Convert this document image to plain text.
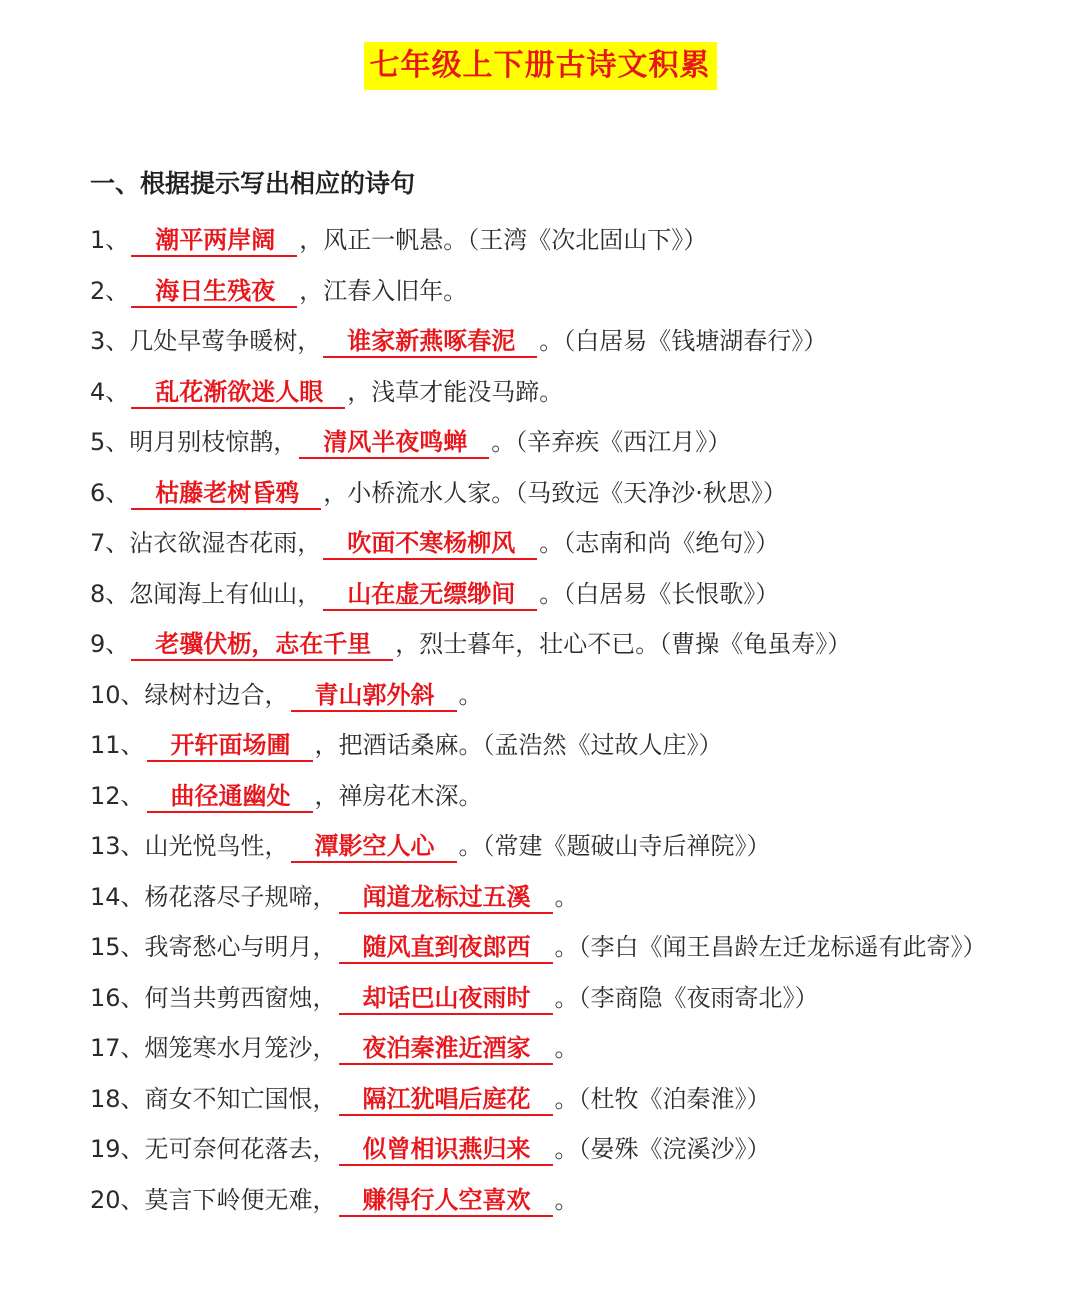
七年级上下册古诗文积累
一、根据提示写出相应的诗句
1、 潮平两岸阔 ，风正一帆悬。（王湾《次北固山下》）
2、 海日生残夜 ，江春入旧年。
3、几处早莺争暖树， 谁家新燕啄春泥 。（白居易《钱塘湖春行》）
4、 乱花渐欲迷人眼 ，浅草才能没马蹄。
5、明月别枝惊鹊， 清风半夜鸣蝉 。（辛弃疾《西江月》）
6、 枯藤老树昏鸦 ，小桥流水人家。（马致远《天净沙·秋思》）
7、沾衣欲湿杏花雨， 吹面不寒杨柳风 。（志南和尚《绝句》）
8、忽闻海上有仙山， 山在虚无缥缈间 。（白居易《长恨歌》）
9、 老骥伏枥，志在千里 ，烈士暮年，壮心不已。（曹操《龟虽寿》）
10、绿树村边合， 青山郭外斜 。
11、 开轩面场圃 ，把酒话桑麻。（孟浩然《过故人庄》）
12、 曲径通幽处 ，禅房花木深。
13、山光悦鸟性， 潭影空人心 。（常建《题破山寺后禅院》）
14、杨花落尽子规啼， 闻道龙标过五溪 。
15、我寄愁心与明月， 随风直到夜郎西 。（李白《闻王昌龄左迁龙标遥有此寄》）
16、何当共剪西窗烛， 却话巴山夜雨时 。（李商隐《夜雨寄北》）
17、烟笼寒水月笼沙， 夜泊秦淮近酒家 。
18、商女不知亡国恨， 隔江犹唱后庭花 。（杜牧《泊秦淮》）
19、无可奈何花落去， 似曾相识燕归来 。（晏殊《浣溪沙》）
20、莫言下岭便无难， 赚得行人空喜欢 。
